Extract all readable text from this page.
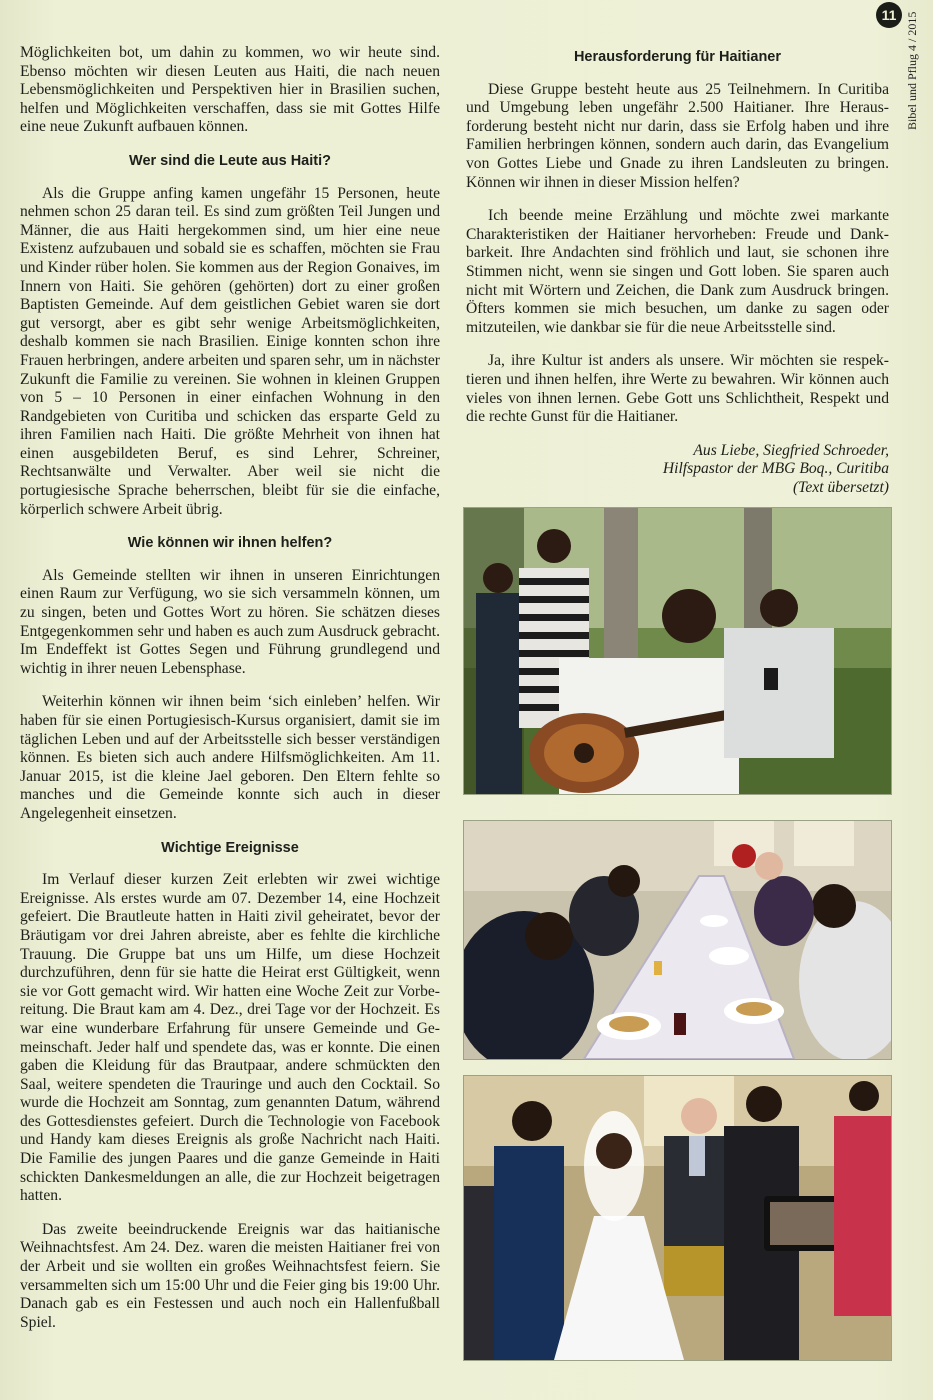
11 Bibel und Pflug 4 / 2015

Möglichkeiten bot, um dahin zu kommen, wo wir heute sind. Ebenso möchten wir diesen Leuten aus Haiti, die nach neuen Lebensmöglichkeiten und Perspektiven hier in Brasilien suchen, helfen und Möglichkeiten verschaffen, dass sie mit Gottes Hilfe eine neue Zukunft aufbauen können.

Wer sind die Leute aus Haiti?

Als die Gruppe anfing kamen ungefähr 15 Personen, heute nehmen schon 25 daran teil. Es sind zum größten Teil Jungen und Männer, die aus Haiti hergekommen sind, um hier eine neue Existenz aufzubauen und sobald sie es schaffen, möchten sie Frau und Kinder rüber holen. Sie kommen aus der Region Gonaives, im Innern von Haiti. Sie gehören (gehörten) dort zu einer großen Baptisten Gemeinde. Auf dem geistlichen Gebiet waren sie dort gut versorgt, aber es gibt sehr wenige Arbeitsmöglichkeiten, deshalb kommen sie nach Brasilien. Einige konnten schon ihre Frauen herbringen, andere arbeiten und sparen sehr, um in nächster Zukunft die Familie zu vereinen. Sie wohnen in kleinen Gruppen von 5 – 10 Personen in einer einfachen Wohnung in den Randgebieten von Curitiba und schicken das ersparte Geld zu ihren Familien nach Haiti. Die größte Mehrheit von ihnen hat einen ausgebildeten Beruf, es sind Lehrer, Schreiner, Rechtsanwälte und Verwalter. Aber weil sie nicht die portugiesische Sprache beherrschen, bleibt für sie die einfache, körperlich schwere Arbeit übrig.

Wie können wir ihnen helfen?

Als Gemeinde stellten wir ihnen in unseren Einrichtungen einen Raum zur Verfügung, wo sie sich versammeln können, um zu singen, beten und Gottes Wort zu hören. Sie schätzen dieses Entgegenkommen sehr und haben es auch zum Ausdruck gebracht. Im Endeffekt ist Gottes Segen und Führung grundlegend und wichtig in ihrer neuen Lebensphase.

Weiterhin können wir ihnen beim ‘sich einleben’ helfen. Wir haben für sie einen Portugiesisch-Kursus organisiert, damit sie im täglichen Leben und auf der Arbeitsstelle sich besser verständigen können. Es bieten sich auch andere Hilfsmöglichkeiten. Am 11. Januar 2015, ist die kleine Jael geboren. Den Eltern fehlte so manches und die Gemeinde konnte sich auch in dieser Angelegenheit einsetzen.

Wichtige Ereignisse

Im Verlauf dieser kurzen Zeit erlebten wir zwei wichtige Ereignisse. Als erstes wurde am 07. Dezember 14, eine Hochzeit gefeiert. Die Brautleute hatten in Haiti zivil geheiratet, bevor der Bräutigam vor drei Jahren abreiste, aber es fehlte die kirchliche Trauung. Die Gruppe bat uns um Hilfe, um diese Hochzeit durchzuführen, denn für sie hatte die Heirat erst Gültigkeit, wenn sie vor Gott gemacht wird. Wir hatten eine Woche Zeit zur Vorbereitung. Die Braut kam am 4. Dez., drei Tage vor der Hochzeit. Es war eine wunderbare Erfahrung für unsere Gemeinde und Gemeinschaft. Jeder half und spendete das, was er konnte. Die einen gaben die Kleidung für das Brautpaar, andere schmückten den Saal, weitere spendeten die Trauringe und auch den Cocktail. So wurde die Hochzeit am Sonntag, zum genannten Datum, während des Gottesdienstes gefeiert. Durch die Technologie von Facebook und Handy kam dieses Ereignis als große Nachricht nach Haiti. Die Familie des jungen Paares und die ganze Gemeinde in Haiti schickten Dankesmeldungen an alle, die zur Hochzeit beigetragen hatten.

Das zweite beeindruckende Ereignis war das haitianische Weihnachtsfest. Am 24. Dez. waren die meisten Haitianer frei von der Arbeit und sie wollten ein großes Weihnachtsfest feiern. Sie versammelten sich um 15:00 Uhr und die Feier ging bis 19:00 Uhr. Danach gab es ein Festessen und auch noch ein Hallenfußball Spiel.

Herausforderung für Haitianer

Diese Gruppe besteht heute aus 25 Teilnehmern. In Curitiba und Umgebung leben ungefähr 2.500 Haitianer. Ihre Herausforderung besteht nicht nur darin, dass sie Erfolg haben und ihre Familien herbringen können, sondern auch darin, das Evangelium von Gottes Liebe und Gnade zu ihren Landsleuten zu bringen. Können wir ihnen in dieser Mission helfen?

Ich beende meine Erzählung und möchte zwei markante Charakteristiken der Haitianer hervorheben: Freude und Dankbarkeit. Ihre Andachten sind fröhlich und laut, sie schonen ihre Stimmen nicht, wenn sie singen und Gott loben. Sie sparen auch nicht mit Wörtern und Zeichen, die Dank zum Ausdruck bringen. Öfters kommen sie mich besuchen, um danke zu sagen oder mitzuteilen, wie dankbar sie für die neue Arbeitsstelle sind.

Ja, ihre Kultur ist anders als unsere. Wir möchten sie respektieren und ihnen helfen, ihre Werte zu bewahren. Wir können auch vieles von ihnen lernen. Gebe Gott uns Schlichtheit, Respekt und die rechte Gunst für die Haitianer.

Aus Liebe, Siegfried Schroeder,
Hilfspastor der MBG Boq., Curitiba
(Text übersetzt)
